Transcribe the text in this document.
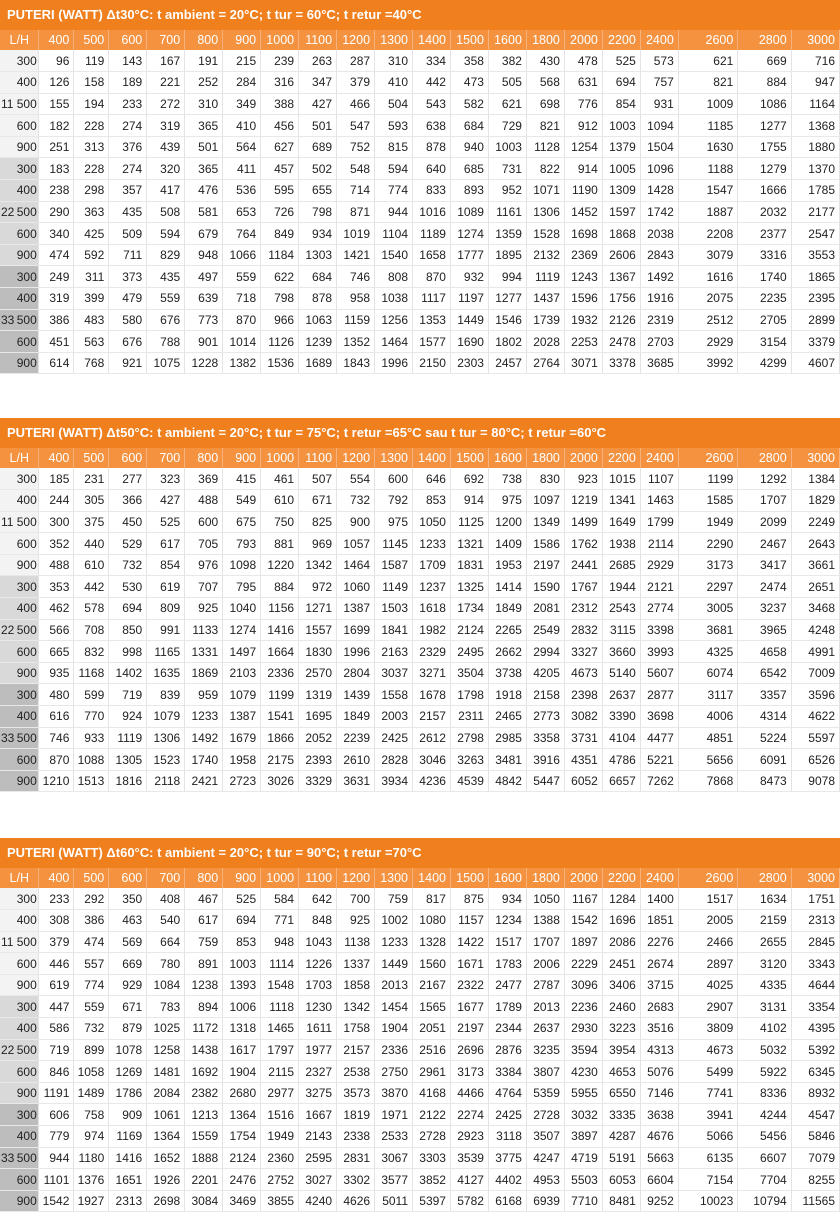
PUTERI (WATT) Δt30°C: t ambient = 20°C; t tur = 60°C; t retur =40°C
L/H	400	500	600	700	800	900	1000	1100	1200	1300	1400	1500	1600	1800	2000	2200	2400	2600	2800	3000

300	96	119	143	167	191	215	239	263	287	310	334	358	382	430	478	525	573	621	669	716

400	126	158	189	221	252	284	316	347	379	410	442	473	505	568	631	694	757	821	884	947

11 500	155	194	233	272	310	349	388	427	466	504	543	582	621	698	776	854	931	1009	1086	1164

600	182	228	274	319	365	410	456	501	547	593	638	684	729	821	912	1003	1094	1185	1277	1368

900	251	313	376	439	501	564	627	689	752	815	878	940	1003	1128	1254	1379	1504	1630	1755	1880

300	183	228	274	320	365	411	457	502	548	594	640	685	731	822	914	1005	1096	1188	1279	1370

400	238	298	357	417	476	536	595	655	714	774	833	893	952	1071	1190	1309	1428	1547	1666	1785

22 500	290	363	435	508	581	653	726	798	871	944	1016	1089	1161	1306	1452	1597	1742	1887	2032	2177

600	340	425	509	594	679	764	849	934	1019	1104	1189	1274	1359	1528	1698	1868	2038	2208	2377	2547

900	474	592	711	829	948	1066	1184	1303	1421	1540	1658	1777	1895	2132	2369	2606	2843	3079	3316	3553

300	249	311	373	435	497	559	622	684	746	808	870	932	994	1119	1243	1367	1492	1616	1740	1865

400	319	399	479	559	639	718	798	878	958	1038	1117	1197	1277	1437	1596	1756	1916	2075	2235	2395

33 500	386	483	580	676	773	870	966	1063	1159	1256	1353	1449	1546	1739	1932	2126	2319	2512	2705	2899

600	451	563	676	788	901	1014	1126	1239	1352	1464	1577	1690	1802	2028	2253	2478	2703	2929	3154	3379

900	614	768	921	1075	1228	1382	1536	1689	1843	1996	2150	2303	2457	2764	3071	3378	3685	3992	4299	4607
PUTERI (WATT) Δt50°C: t ambient = 20°C; t tur = 75°C; t retur =65°C sau t tur = 80°C; t retur =60°C
L/H	400	500	600	700	800	900	1000	1100	1200	1300	1400	1500	1600	1800	2000	2200	2400	2600	2800	3000

300	185	231	277	323	369	415	461	507	554	600	646	692	738	830	923	1015	1107	1199	1292	1384

400	244	305	366	427	488	549	610	671	732	792	853	914	975	1097	1219	1341	1463	1585	1707	1829

11 500	300	375	450	525	600	675	750	825	900	975	1050	1125	1200	1349	1499	1649	1799	1949	2099	2249

600	352	440	529	617	705	793	881	969	1057	1145	1233	1321	1409	1586	1762	1938	2114	2290	2467	2643

900	488	610	732	854	976	1098	1220	1342	1464	1587	1709	1831	1953	2197	2441	2685	2929	3173	3417	3661

300	353	442	530	619	707	795	884	972	1060	1149	1237	1325	1414	1590	1767	1944	2121	2297	2474	2651

400	462	578	694	809	925	1040	1156	1271	1387	1503	1618	1734	1849	2081	2312	2543	2774	3005	3237	3468

22 500	566	708	850	991	1133	1274	1416	1557	1699	1841	1982	2124	2265	2549	2832	3115	3398	3681	3965	4248

600	665	832	998	1165	1331	1497	1664	1830	1996	2163	2329	2495	2662	2994	3327	3660	3993	4325	4658	4991

900	935	1168	1402	1635	1869	2103	2336	2570	2804	3037	3271	3504	3738	4205	4673	5140	5607	6074	6542	7009

300	480	599	719	839	959	1079	1199	1319	1439	1558	1678	1798	1918	2158	2398	2637	2877	3117	3357	3596

400	616	770	924	1079	1233	1387	1541	1695	1849	2003	2157	2311	2465	2773	3082	3390	3698	4006	4314	4622

33 500	746	933	1119	1306	1492	1679	1866	2052	2239	2425	2612	2798	2985	3358	3731	4104	4477	4851	5224	5597

600	870	1088	1305	1523	1740	1958	2175	2393	2610	2828	3046	3263	3481	3916	4351	4786	5221	5656	6091	6526

900	1210	1513	1816	2118	2421	2723	3026	3329	3631	3934	4236	4539	4842	5447	6052	6657	7262	7868	8473	9078
PUTERI (WATT) Δt60°C: t ambient = 20°C; t tur = 90°C; t retur =70°C
L/H	400	500	600	700	800	900	1000	1100	1200	1300	1400	1500	1600	1800	2000	2200	2400	2600	2800	3000

300	233	292	350	408	467	525	584	642	700	759	817	875	934	1050	1167	1284	1400	1517	1634	1751

400	308	386	463	540	617	694	771	848	925	1002	1080	1157	1234	1388	1542	1696	1851	2005	2159	2313

11 500	379	474	569	664	759	853	948	1043	1138	1233	1328	1422	1517	1707	1897	2086	2276	2466	2655	2845

600	446	557	669	780	891	1003	1114	1226	1337	1449	1560	1671	1783	2006	2229	2451	2674	2897	3120	3343

900	619	774	929	1084	1238	1393	1548	1703	1858	2013	2167	2322	2477	2787	3096	3406	3715	4025	4335	4644

300	447	559	671	783	894	1006	1118	1230	1342	1454	1565	1677	1789	2013	2236	2460	2683	2907	3131	3354

400	586	732	879	1025	1172	1318	1465	1611	1758	1904	2051	2197	2344	2637	2930	3223	3516	3809	4102	4395

22 500	719	899	1078	1258	1438	1617	1797	1977	2157	2336	2516	2696	2876	3235	3594	3954	4313	4673	5032	5392

600	846	1058	1269	1481	1692	1904	2115	2327	2538	2750	2961	3173	3384	3807	4230	4653	5076	5499	5922	6345

900	1191	1489	1786	2084	2382	2680	2977	3275	3573	3870	4168	4466	4764	5359	5955	6550	7146	7741	8336	8932

300	606	758	909	1061	1213	1364	1516	1667	1819	1971	2122	2274	2425	2728	3032	3335	3638	3941	4244	4547

400	779	974	1169	1364	1559	1754	1949	2143	2338	2533	2728	2923	3118	3507	3897	4287	4676	5066	5456	5846

33 500	944	1180	1416	1652	1888	2124	2360	2595	2831	3067	3303	3539	3775	4247	4719	5191	5663	6135	6607	7079

600	1101	1376	1651	1926	2201	2476	2752	3027	3302	3577	3852	4127	4402	4953	5503	6053	6604	7154	7704	8255

900	1542	1927	2313	2698	3084	3469	3855	4240	4626	5011	5397	5782	6168	6939	7710	8481	9252	10023	10794	11565
